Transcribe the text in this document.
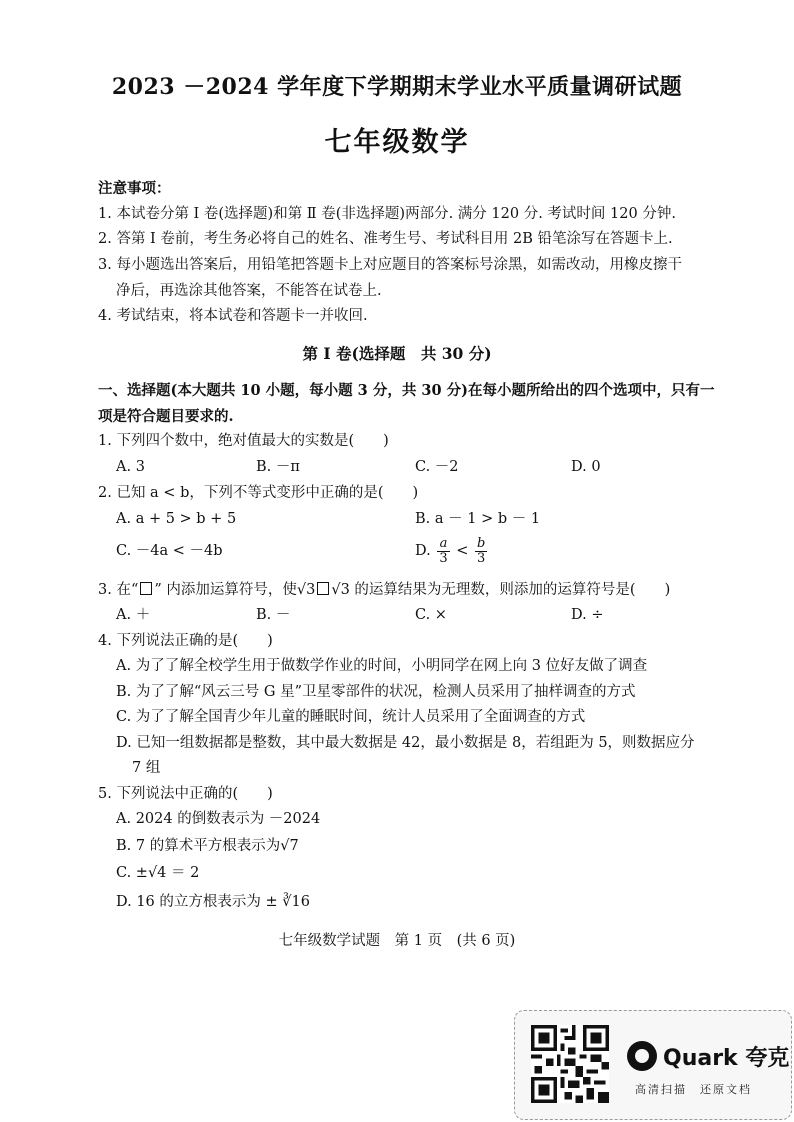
2023 －2024 学年度下学期期末学业水平质量调研试题
七年级数学
注意事项：
1. 本试卷分第 Ⅰ 卷(选择题)和第 Ⅱ 卷(非选择题)两部分. 满分 120 分. 考试时间 120 分钟.
2. 答第 Ⅰ 卷前，考生务必将自己的姓名、准考生号、考试科目用 2B 铅笔涂写在答题卡上.
3. 每小题选出答案后，用铅笔把答题卡上对应题目的答案标号涂黑，如需改动，用橡皮擦干
净后，再选涂其他答案，不能答在试卷上.
4. 考试结束，将本试卷和答题卡一并收回.
第 Ⅰ 卷(选择题　共 30 分)
一、选择题(本大题共 10 小题，每小题 3 分，共 30 分)在每小题所给出的四个选项中，只有一
项是符合题目要求的.
1. 下列四个数中，绝对值最大的实数是(　　)
A. 3	B. －π	C. －2	D. 0
2. 已知 a < b，下列不等式变形中正确的是(　　)
A. a + 5 > b + 5	B. a － 1 > b － 1
C. －4a < －4b	D. $\frac{a}{3} < \frac{b}{3}$
3. 在“ ” 内添加运算符号，使√3 √3 的运算结果为无理数，则添加的运算符号是(　　)
A. ＋	B. －	C. ×	D. ÷
4. 下列说法正确的是(　　)
A. 为了了解全校学生用于做数学作业的时间，小明同学在网上向 3 位好友做了调查
B. 为了了解“风云三号 G 星”卫星零部件的状况，检测人员采用了抽样调查的方式
C. 为了了解全国青少年儿童的睡眠时间，统计人员采用了全面调查的方式
D. 已知一组数据都是整数，其中最大数据是 42，最小数据是 8，若组距为 5，则数据应分
7 组
5. 下列说法中正确的(　　)
A. 2024 的倒数表示为 －2024
B. 7 的算术平方根表示为√7
C. ±√4 ＝ 2
D. 16 的立方根表示为 ± ∛16
七年级数学试题　第 1 页　(共 6 页)
Quark 夸克
高清扫描　还原文档
